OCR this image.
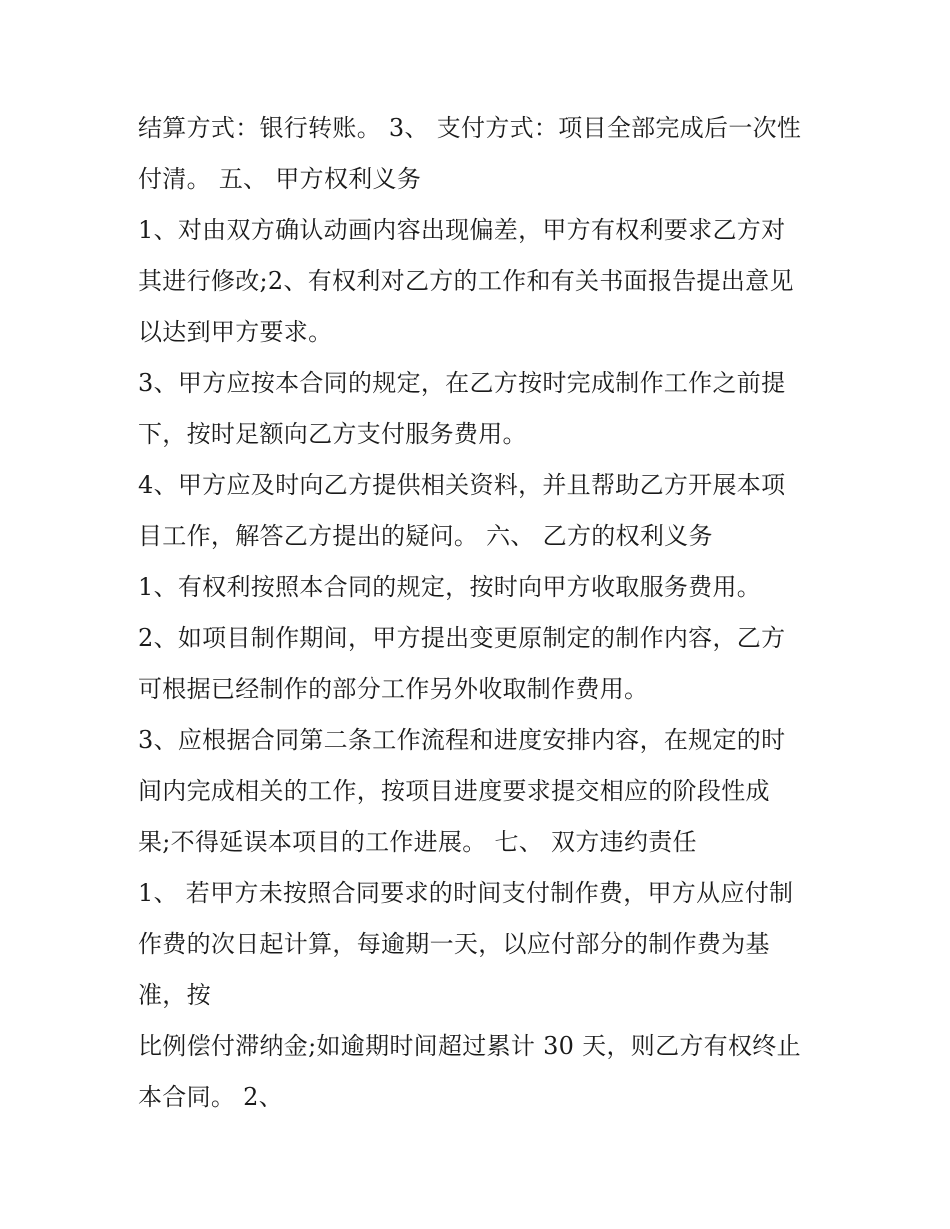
结算方式：银行转账。 3、 支付方式：项目全部完成后一次性
付清。 五、 甲方权利义务
1、对由双方确认动画内容出现偏差，甲方有权利要求乙方对
其进行修改;2、有权利对乙方的工作和有关书面报告提出意见
以达到甲方要求。
3、甲方应按本合同的规定，在乙方按时完成制作工作之前提
下，按时足额向乙方支付服务费用。
4、甲方应及时向乙方提供相关资料，并且帮助乙方开展本项
目工作，解答乙方提出的疑问。 六、 乙方的权利义务
1、有权利按照本合同的规定，按时向甲方收取服务费用。
2、如项目制作期间，甲方提出变更原制定的制作内容，乙方
可根据已经制作的部分工作另外收取制作费用。
3、应根据合同第二条工作流程和进度安排内容，在规定的时
间内完成相关的工作，按项目进度要求提交相应的阶段性成
果;不得延误本项目的工作进展。 七、 双方违约责任
1、 若甲方未按照合同要求的时间支付制作费，甲方从应付制
作费的次日起计算，每逾期一天，以应付部分的制作费为基
准，按
比例偿付滞纳金;如逾期时间超过累计 30 天，则乙方有权终止
本合同。 2、
